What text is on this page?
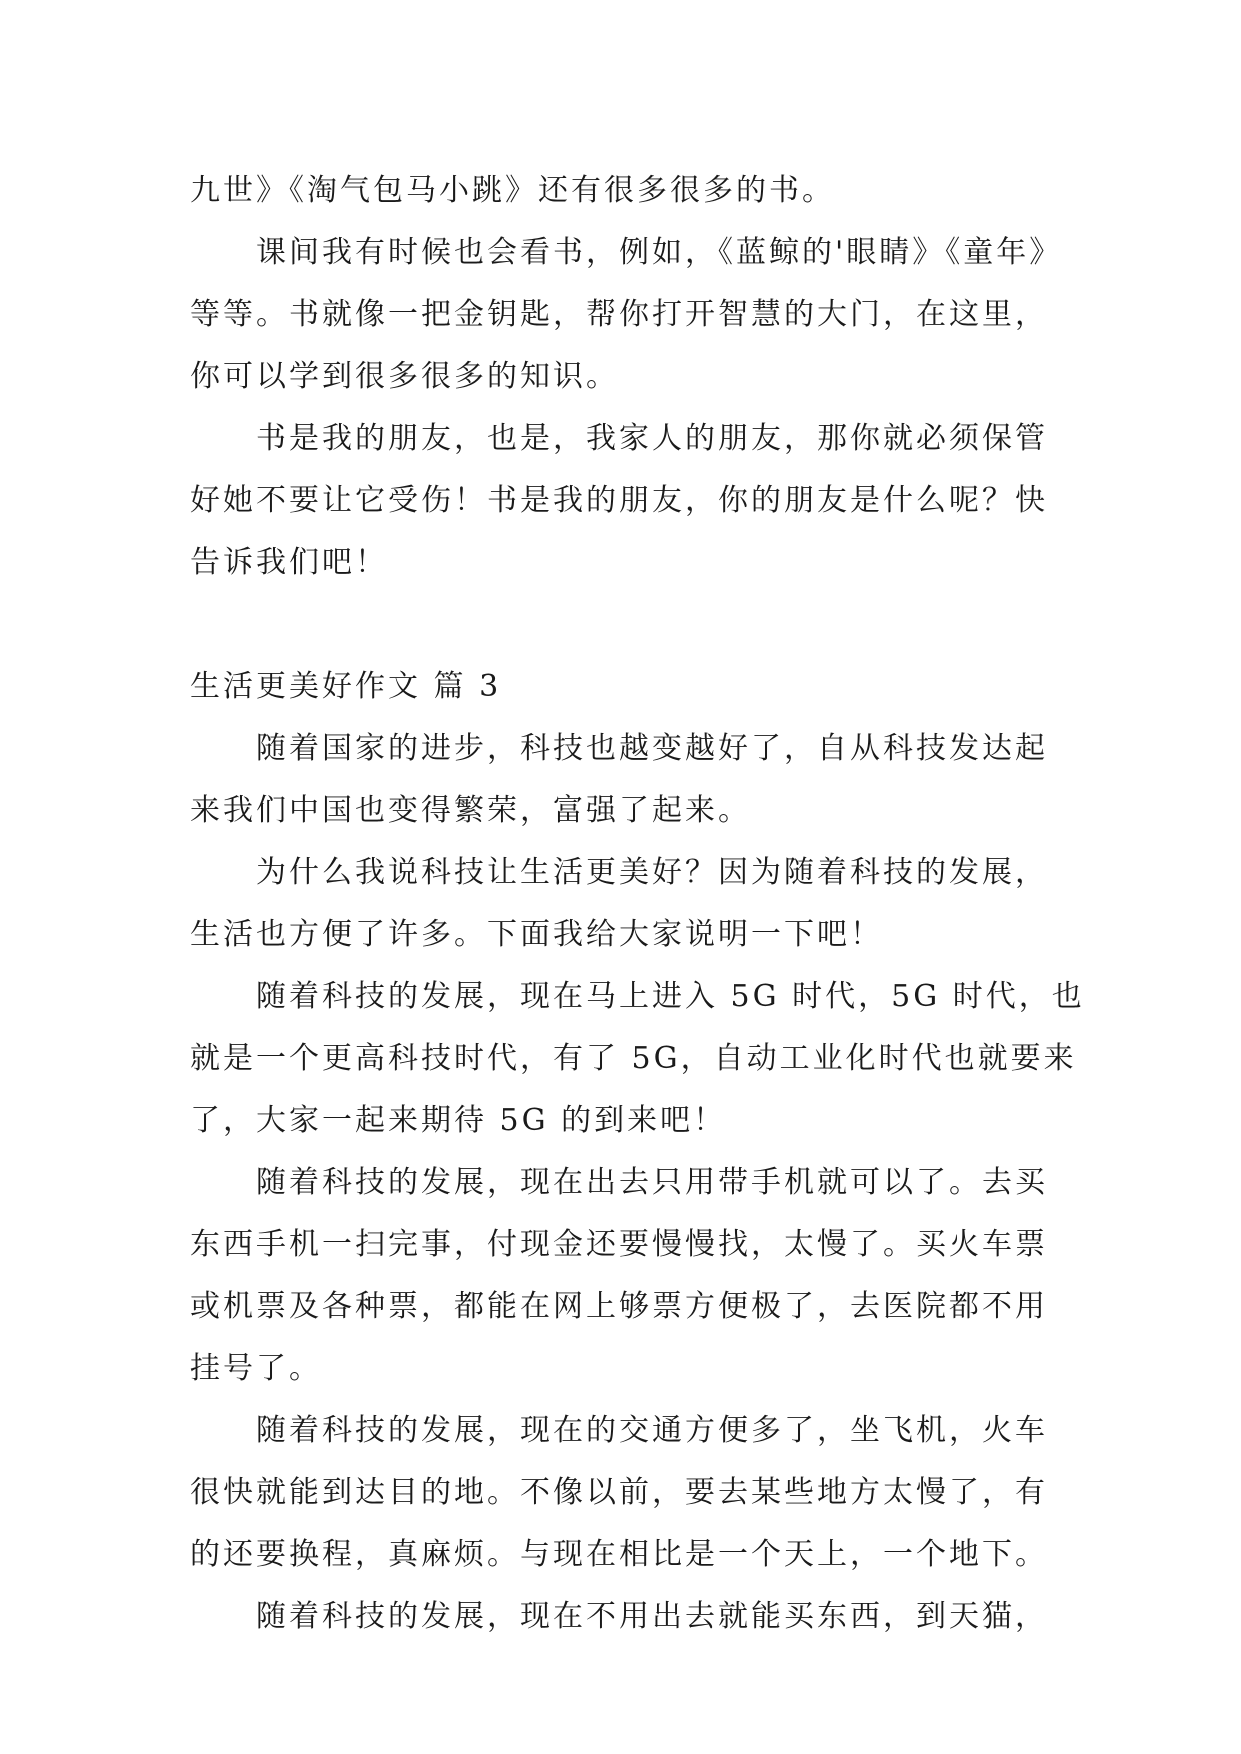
九世》《淘气包马小跳》还有很多很多的书。
课间我有时候也会看书，例如，《蓝鲸的'眼睛》《童年》
等等。书就像一把金钥匙，帮你打开智慧的大门，在这里，
你可以学到很多很多的知识。
书是我的朋友，也是，我家人的朋友，那你就必须保管
好她不要让它受伤！书是我的朋友，你的朋友是什么呢？快
告诉我们吧！
生活更美好作文 篇 3
随着国家的进步，科技也越变越好了，自从科技发达起
来我们中国也变得繁荣，富强了起来。
为什么我说科技让生活更美好？因为随着科技的发展，
生活也方便了许多。下面我给大家说明一下吧！
随着科技的发展，现在马上进入 5G 时代，5G 时代，也
就是一个更高科技时代，有了 5G，自动工业化时代也就要来
了，大家一起来期待 5G 的到来吧！
随着科技的发展，现在出去只用带手机就可以了。去买
东西手机一扫完事，付现金还要慢慢找，太慢了。买火车票
或机票及各种票，都能在网上够票方便极了，去医院都不用
挂号了。
随着科技的发展，现在的交通方便多了，坐飞机，火车
很快就能到达目的地。不像以前，要去某些地方太慢了，有
的还要换程，真麻烦。与现在相比是一个天上，一个地下。
随着科技的发展，现在不用出去就能买东西，到天猫，
